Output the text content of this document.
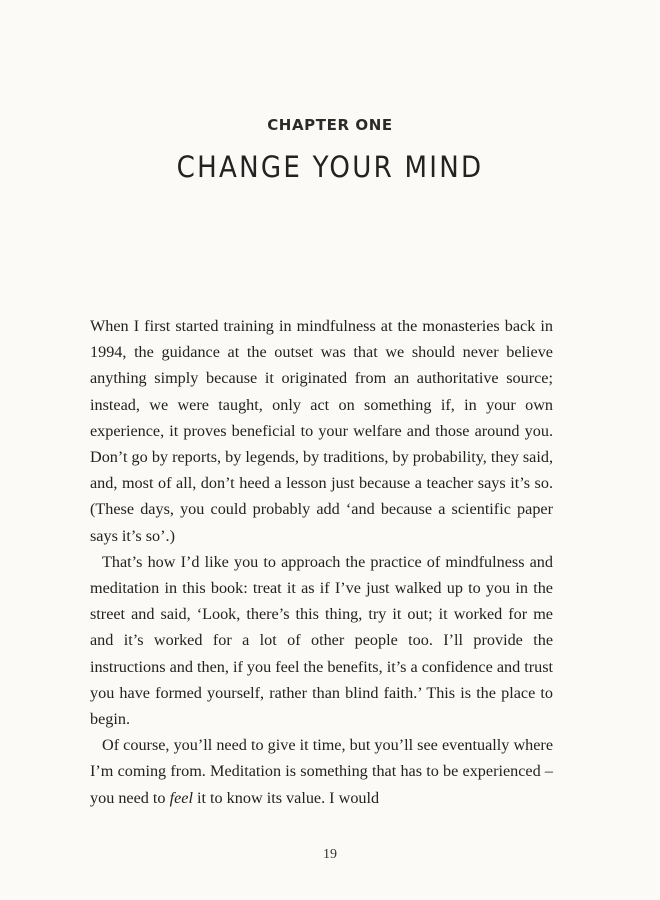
CHAPTER ONE
CHANGE YOUR MIND

When I first started training in mindfulness at the monasteries back in 1994, the guidance at the outset was that we should never believe anything simply because it originated from an authoritative source; instead, we were taught, only act on something if, in your own experience, it proves beneficial to your welfare and those around you. Don’t go by reports, by legends, by traditions, by probability, they said, and, most of all, don’t heed a lesson just because a teacher says it’s so. (These days, you could probably add ‘and because a scientific paper says it’s so’.)

That’s how I’d like you to approach the practice of mindfulness and meditation in this book: treat it as if I’ve just walked up to you in the street and said, ‘Look, there’s this thing, try it out; it worked for me and it’s worked for a lot of other people too. I’ll provide the instructions and then, if you feel the benefits, it’s a confidence and trust you have formed yourself, rather than blind faith.’ This is the place to begin.

Of course, you’ll need to give it time, but you’ll see eventually where I’m coming from. Meditation is something that has to be experienced – you need to feel it to know its value. I would

19
